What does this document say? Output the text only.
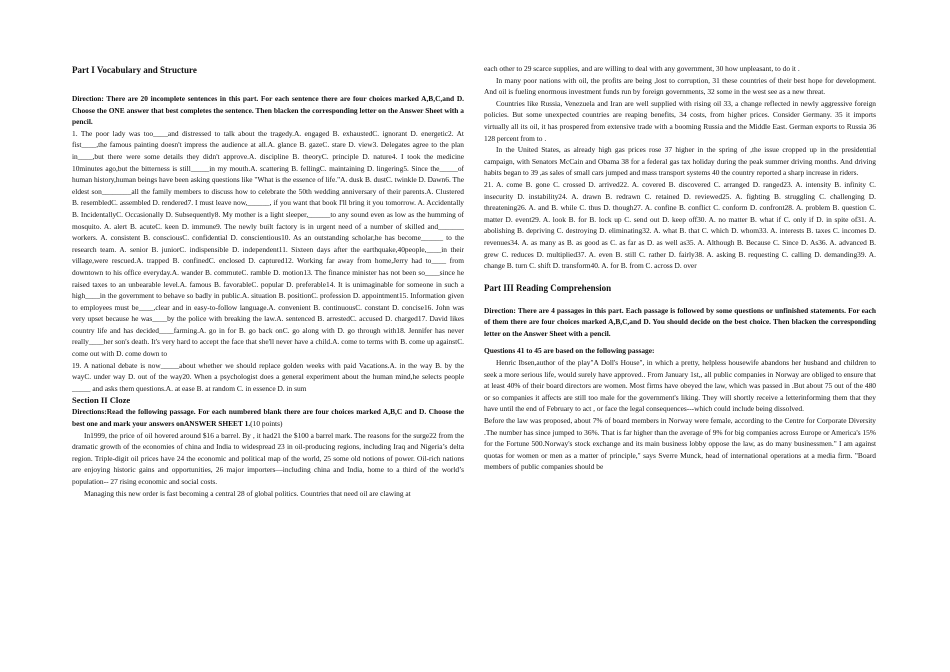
Part I Vocabulary and Structure

Direction: There are 20 incomplete sentences in this part. For each sentence there are four choices marked A,B,C,and D. Choose the ONE answer that best completes the sentence. Then blacken the corresponding letter on the Answer Sheet with a pencil.

1. The poor lady was too____and distressed to talk about the tragedy.A. engaged B. exhaustedC. ignorant D. energetic2. At fist____,the famous painting doesn't impress the audience at all.A. glance B. gazeC. stare D. view3. Delegates agree to the plan in____,but there were some details they didn't approve.A. discipline B. theoryC. principle D. nature4. I took the medicine 10minutes ago,but the bitterness is still_____in my mouth.A. scattering B. fellingC. maintaining D. lingering5. Since the_____of human history,human beings have been asking questions like "What is the essence of life."A. dusk B. dustC. twinkle D. Dawn6. The eldest son________all the family members to discuss how to celebrate the 50th wedding anniversary of their parents.A. Clustered B. resembledC. assembled D. rendered7. I must leave now,______, if you want that book I'll bring it you tomorrow. A. Accidentally B. IncidentallyC. Occasionally D. Subsequently8. My mother is a light sleeper,______to any sound even as low as the humming of mosquito. A. alert B. acuteC. keen D. immune9. The newly built factory is in urgent need of a number of skilled and_______ workers. A. consistent B. consciousC. confidential D. conscientious10. As an outstanding scholar,he has become______ to the research team. A. senior B. juniorC. indispensible D. independent11. Sixteen days after the earthquake,40people,____in their village,were rescued.A. trapped B. confinedC. enclosed D. captured12. Working far away from home,Jerry had to____ from downtown to his office everyday.A. wander B. commuteC. ramble D. motion13. The finance minister has not been so____since he raised taxes to an unbearable level.A. famous B. favorableC. popular D. preferable14. It is unimaginable for someone in such a high____in the government to behave so badly in public.A. situation B. positionC. profession D. appointment15. Information given to employees must be____,clear and in easy-to-follow language.A. convenient B. continuousC. constant D. concise16. John was very upset because he was____by the police with breaking the law.A. sentenced B. arrestedC. accused D. charged17. David likes country life and has decided____farming.A. go in for B. go back onC. go along with D. go through with18. Jennifer has never really____her son's death. It's very hard to accept the face that she'll never have a child.A. come to terms with B. come up againstC. come out with D. come down to

19. A national debate is now_____about whether we should replace golden weeks with paid Vacations.A. in the way B. by the wayC. under way D. out of the way20. When a psychologist does a general experiment about the human mind,he selects people _____ and asks them questions.A. at ease B. at random C. in essence D. in sum

Section II Cloze

Directions:Read the following passage. For each numbered blank there are four choices marked A,B,C and D. Choose the best one and mark your answers onANSWER SHEET 1.(10 points)

In1999, the price of oil hovered around $16 a barrel. By , it had21 the $100 a barrel mark. The reasons for the surge22 from the dramatic growth of the economies of china and India to widespread 23 in oil-producing regions, including Iraq and Nigeria’s delta region. Triple-digit oil prices have 24 the economic and political map of the world, 25 some old notions of power. Oil-rich nations are enjoying historic gains and opportunities, 26 major importers—including china and India, home to a third of the world’s population-- 27 rising economic and social costs.

Managing this new order is fast becoming a central 28 of global politics. Countries that need oil are clawing at

each other to 29 scarce supplies, and are willing to deal with any government, 30 how unpleasant, to do it .

In many poor nations with oil, the profits are being ,lost to corruption, 31 these countries of their best hope for development. And oil is fueling enormous investment funds run by foreign governments, 32 some in the west see as a new threat.

Countries like Russia, Venezuela and Iran are well supplied with rising oil 33, a change reflected in newly aggressive foreign policies. But some unexpected countries are reaping benefits, 34 costs, from higher prices. Consider Germany. 35 it imports virtually all its oil, it has prospered from extensive trade with a booming Russia and the Middle East. German exports to Russia 36 128 percent from to .

In the United States, as already high gas prices rose 37 higher in the spring of ,the issue cropped up in the presidential campaign, with Senators McCain and Obama 38 for a federal gas tax holiday during the peak summer driving months. And driving habits began to 39 ,as sales of small cars jumped and mass transport systems 40 the country reported a sharp increase in riders.

21. A. come B. gone C. crossed D. arrived22. A. covered B. discovered C. arranged D. ranged23. A. intensity B. infinity C. insecurity D. instability24. A. drawn B. redrawn C. retained D. reviewed25. A. fighting B. struggling C. challenging D. threatening26. A. and B. while C. thus D. though27. A. confine B. conflict C. conform D. confront28. A. problem B. question C. matter D. event29. A. look B. for B. lock up C. send out D. keep off30. A. no matter B. what if C. only if D. in spite of31. A. abolishing B. depriving C. destroying D. eliminating32. A. what B. that C. which D. whom33. A. interests B. taxes C. incomes D. revenues34. A. as many as B. as good as C. as far as D. as well as35. A. Although B. Because C. Since D. As36. A. advanced B. grew C. reduces D. multiplied37. A. even B. still C. rather D. fairly38. A. asking B. requesting C. calling D. demanding39. A. change B. turn C. shift D. transform40. A. for B. from C. across D. over

Part III Reading Comprehension

Direction: There are 4 passages in this part. Each passage is followed by some questions or unfinished statements. For each of them there are four choices marked A,B,C,and D. You should decide on the best choice. Then blacken the corresponding letter on the Answer Sheet with a pencil.

Questions 41 to 45 are based on the following passage:

Henric Ibsen,author of the play"A Doll's House", in which a pretty, helpless housewife abandons her husband and children to seek a more serious life, would surely have approved.. From January 1st,, all public companies in Norway are obliged to ensure that at least 40% of their board directors are women. Most firms have obeyed the law, which was passed in .But about 75 out of the 480 or so companies it affects are still too male for the government's liking. They will shortly receive a letterinforming them that they have until the end of February to act , or face the legal consequences---which could include being dissolved.

Before the law was proposed, about 7% of board members in Norway were female, according to the Centre for Corporate Diversity .The number has since jumped to 36%. That is far higher than the average of 9% for big companies across Europe or America's 15% for the Fortune 500.Norway's stock exchange and its main business lobby oppose the law, as do many businessmen." I am against quotas for women or men as a matter of principle," says Sverre Munck, head of international operations at a media firm. "Board members of public companies should be
